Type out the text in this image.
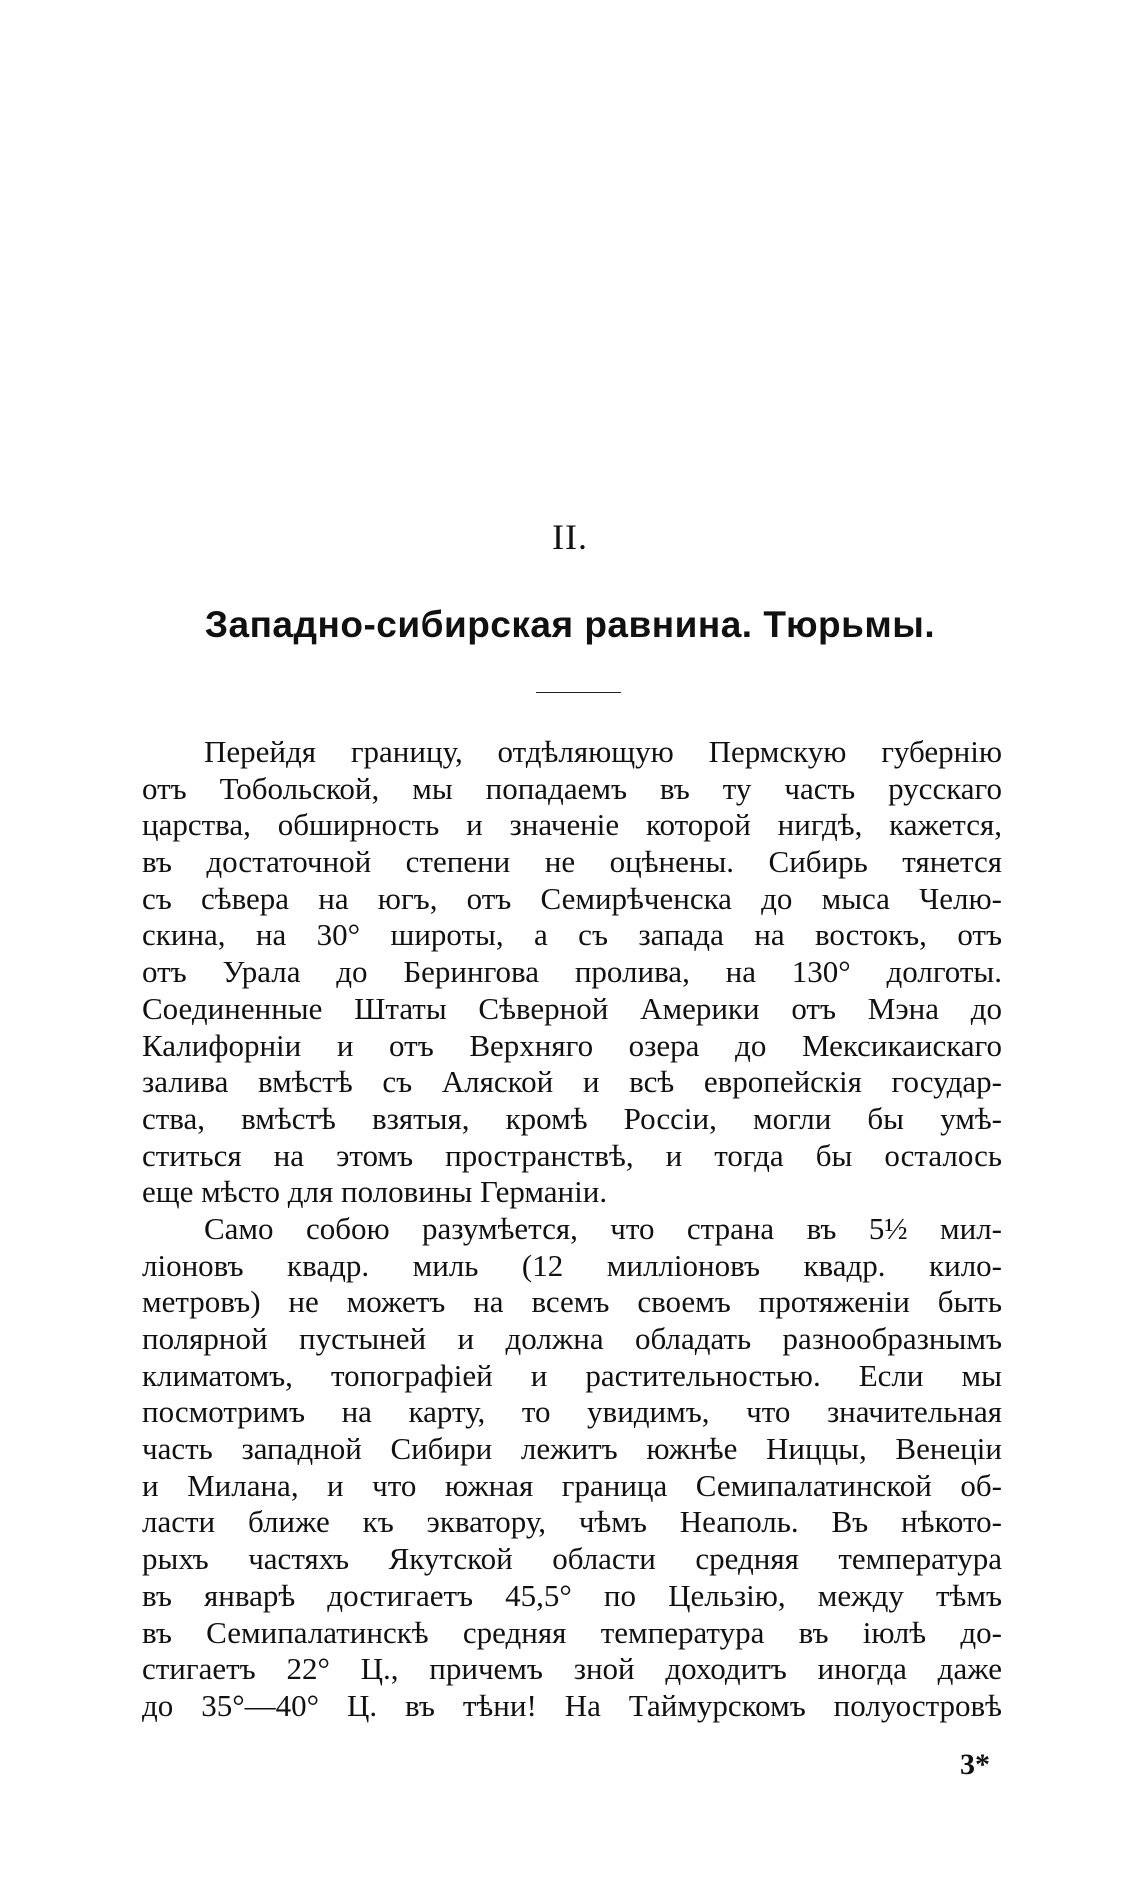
II.
Западно-сибирская равнина. Тюрьмы.
Перейдя границу, отдѣляющую Пермскую губернію
отъ Тобольской, мы попадаемъ въ ту часть русскаго
царства, обширность и значеніе которой нигдѣ, кажется,
въ достаточной степени не оцѣнены. Сибирь тянется
съ сѣвера на югъ, отъ Семирѣченска до мыса Челю-
скина, на 30° широты, а съ запада на востокъ, отъ
отъ Урала до Берингова пролива, на 130° долготы.
Соединенные Штаты Сѣверной Америки отъ Мэна до
Калифорніи и отъ Верхняго озера до Мексикаискаго
залива вмѣстѣ съ Аляской и всѣ европейскія государ-
ства, вмѣстѣ взятыя, кромѣ Россіи, могли бы умѣ-
ститься на этомъ пространствѣ, и тогда бы осталось
еще мѣсто для половины Германіи.
Само собою разумѣется, что страна въ 5½ мил-
ліоновъ квадр. миль (12 милліоновъ квадр. кило-
метровъ) не можетъ на всемъ своемъ протяженіи быть
полярной пустыней и должна обладать разнообразнымъ
климатомъ, топографіей и растительностью. Если мы
посмотримъ на карту, то увидимъ, что значительная
часть западной Сибири лежитъ южнѣе Ниццы, Венеціи
и Милана, и что южная граница Семипалатинской об-
ласти ближе къ экватору, чѣмъ Неаполь. Въ нѣкото-
рыхъ частяхъ Якутской области средняя температура
въ январѣ достигаетъ 45,5° по Цельзію, между тѣмъ
въ Семипалатинскѣ средняя температура въ іюлѣ до-
стигаетъ 22° Ц., причемъ зной доходитъ иногда даже
до 35°—40° Ц. въ тѣни! На Таймурскомъ полуостровѣ
3*
